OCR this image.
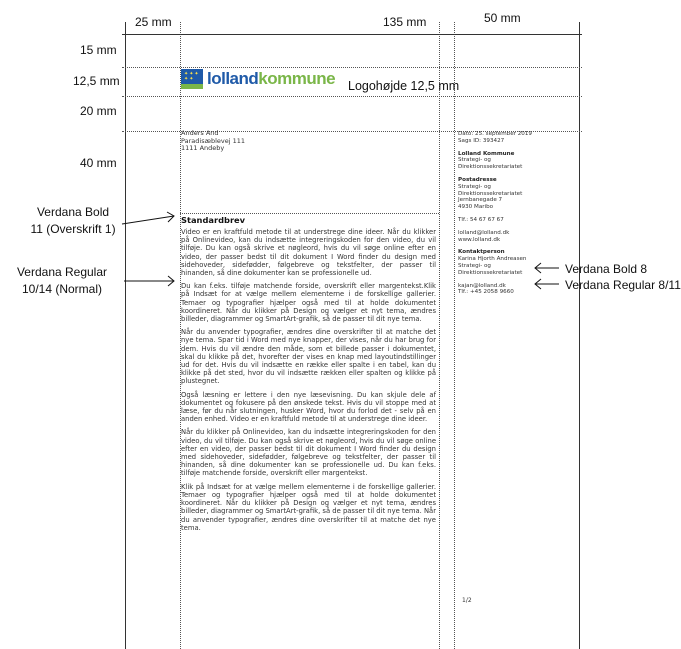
25 mm	135 mm	50 mm
15 mm
12,5 mm
20 mm
40 mm
✦✦✦
✦✦ lollandkommune Logohøjde 12,5 mm
Anders And
Paradisæblevej 111
1111 Andeby
Dato: 25. september 2019
Sags ID: 393427
Lolland Kommune
Strategi- og
Direktionssekretariatet
Postadresse
Strategi- og
Direktionssekretariatet
Jernbanegade 7
4930 Maribo
Tlf.: 54 67 67 67
lolland@lolland.dk
www.lolland.dk
Kontaktperson
Karina Hjorth Andreasen
Strategi- og
Direktionssekretariatet
kajan@lolland.dk
Tlf.: +45 2058 9660
Standardbrev

Video er en kraftfuld metode til at understrege dine ideer. Når du klikker på Onlinevideo, kan du indsætte integreringskoden for den video, du vil tilføje. Du kan også skrive et nøgleord, hvis du vil søge online efter en video, der passer bedst til dit dokument I Word finder du design med sidehoveder, sidefødder, følgebreve og tekstfelter, der passer til hinanden, så dine dokumenter kan se professionelle ud.

Du kan f.eks. tilføje matchende forside, overskrift eller margentekst.Klik på Indsæt for at vælge mellem elementerne i de forskellige gallerier. Temaer og typografier hjælper også med til at holde dokumentet koordineret. Når du klikker på Design og vælger et nyt tema, ændres billeder, diagrammer og SmartArt-grafik, så de passer til dit nye tema.

Når du anvender typografier, ændres dine overskrifter til at matche det nye tema. Spar tid i Word med nye knapper, der vises, når du har brug for dem. Hvis du vil ændre den måde, som et billede passer i dokumentet, skal du klikke på det, hvorefter der vises en knap med layoutindstillinger ud for det. Hvis du vil indsætte en række eller spalte i en tabel, kan du klikke på det sted, hvor du vil indsætte rækken eller spalten og klikke på plustegnet.

Også læsning er lettere i den nye læsevisning. Du kan skjule dele af dokumentet og fokusere på den ønskede tekst. Hvis du vil stoppe med at læse, før du når slutningen, husker Word, hvor du forlod det - selv på en anden enhed. Video er en kraftfuld metode til at understrege dine ideer.

Når du klikker på Onlinevideo, kan du indsætte integreringskoden for den video, du vil tilføje. Du kan også skrive et nøgleord, hvis du vil søge online efter en video, der passer bedst til dit dokument I Word finder du design med sidehoveder, sidefødder, følgebreve og tekstfelter, der passer til hinanden, så dine dokumenter kan se professionelle ud. Du kan f.eks. tilføje matchende forside, overskrift eller margentekst.

Klik på Indsæt for at vælge mellem elementerne i de forskellige gallerier. Temaer og typografier hjælper også med til at holde dokumentet koordineret. Når du klikker på Design og vælger et nyt tema, ændres billeder, diagrammer og SmartArt-grafik, så de passer til dit nye tema. Når du anvender typografier, ændres dine overskrifter til at matche det nye tema.

1/2
Verdana Bold
11 (Overskrift 1)
Verdana Regular
10/14 (Normal)
Verdana Bold 8
Verdana Regular 8/11
